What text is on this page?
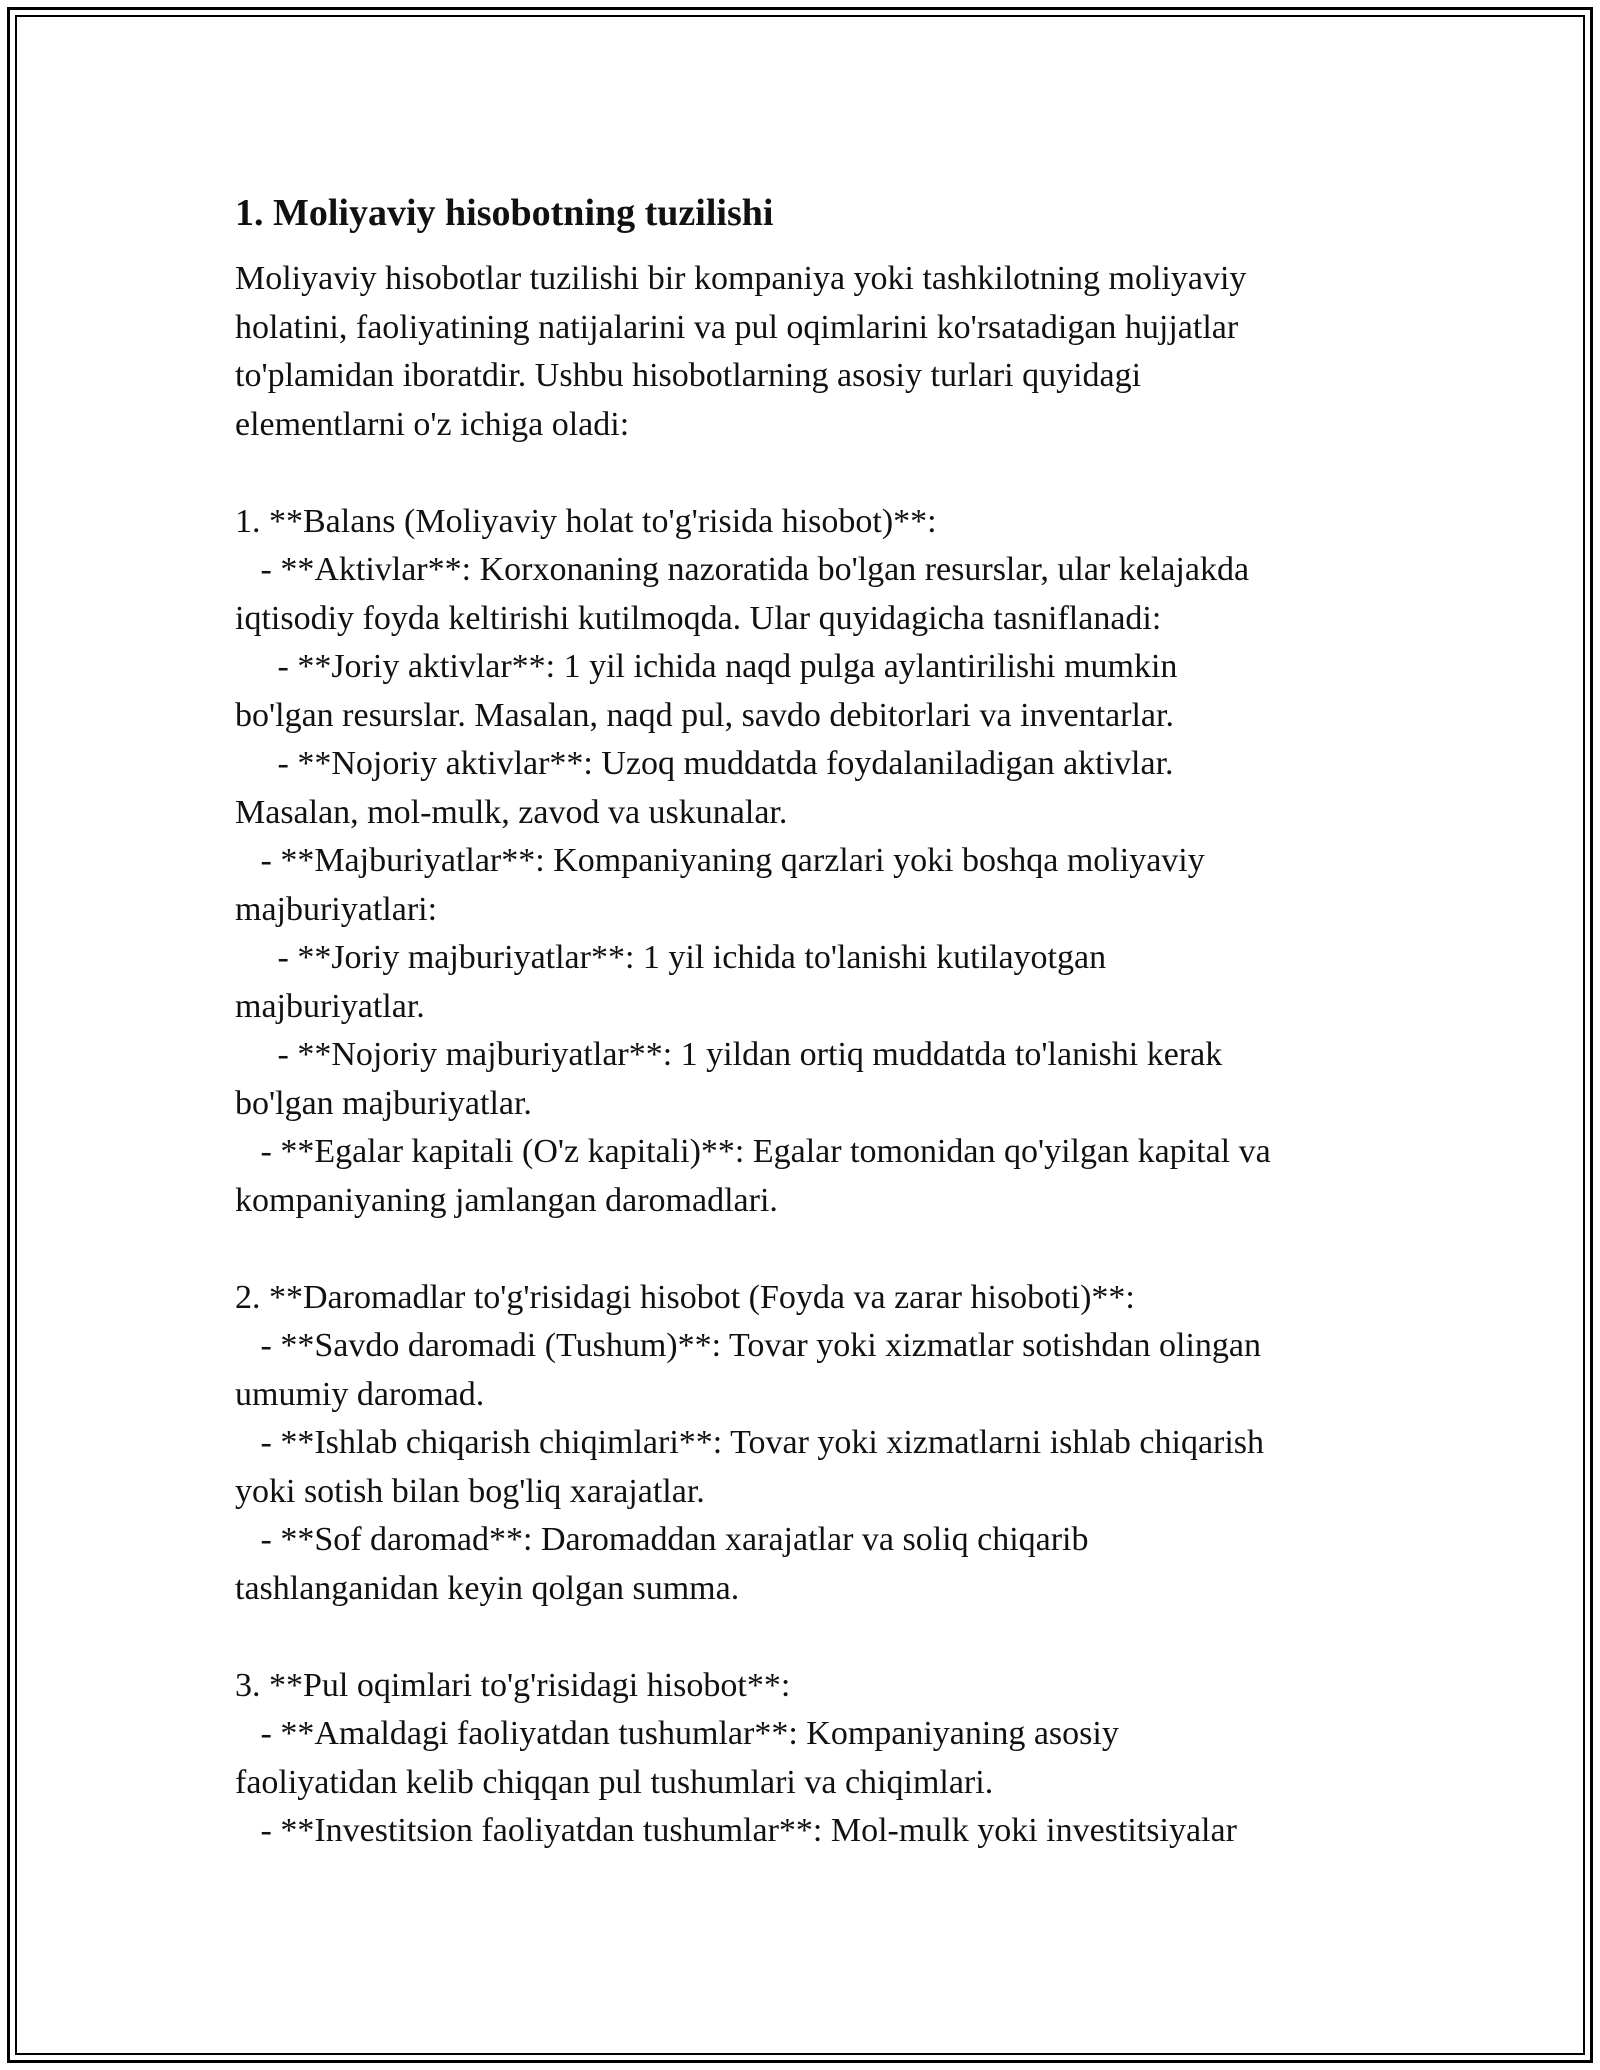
1. Moliyaviy hisobotning tuzilishi

Moliyaviy hisobotlar tuzilishi bir kompaniya yoki tashkilotning moliyaviy
holatini, faoliyatining natijalarini va pul oqimlarini ko'rsatadigan hujjatlar
to'plamidan iboratdir. Ushbu hisobotlarning asosiy turlari quyidagi
elementlarni o'z ichiga oladi:

1. **Balans (Moliyaviy holat to'g'risida hisobot)**:
- **Aktivlar**: Korxonaning nazoratida bo'lgan resurslar, ular kelajakda
iqtisodiy foyda keltirishi kutilmoqda. Ular quyidagicha tasniflanadi:
- **Joriy aktivlar**: 1 yil ichida naqd pulga aylantirilishi mumkin
bo'lgan resurslar. Masalan, naqd pul, savdo debitorlari va inventarlar.
- **Nojoriy aktivlar**: Uzoq muddatda foydalaniladigan aktivlar.
Masalan, mol-mulk, zavod va uskunalar.
- **Majburiyatlar**: Kompaniyaning qarzlari yoki boshqa moliyaviy
majburiyatlari:
- **Joriy majburiyatlar**: 1 yil ichida to'lanishi kutilayotgan
majburiyatlar.
- **Nojoriy majburiyatlar**: 1 yildan ortiq muddatda to'lanishi kerak
bo'lgan majburiyatlar.
- **Egalar kapitali (O'z kapitali)**: Egalar tomonidan qo'yilgan kapital va
kompaniyaning jamlangan daromadlari.

2. **Daromadlar to'g'risidagi hisobot (Foyda va zarar hisoboti)**:
- **Savdo daromadi (Tushum)**: Tovar yoki xizmatlar sotishdan olingan
umumiy daromad.
- **Ishlab chiqarish chiqimlari**: Tovar yoki xizmatlarni ishlab chiqarish
yoki sotish bilan bog'liq xarajatlar.
- **Sof daromad**: Daromaddan xarajatlar va soliq chiqarib
tashlanganidan keyin qolgan summa.

3. **Pul oqimlari to'g'risidagi hisobot**:
- **Amaldagi faoliyatdan tushumlar**: Kompaniyaning asosiy
faoliyatidan kelib chiqqan pul tushumlari va chiqimlari.
- **Investitsion faoliyatdan tushumlar**: Mol-mulk yoki investitsiyalar
